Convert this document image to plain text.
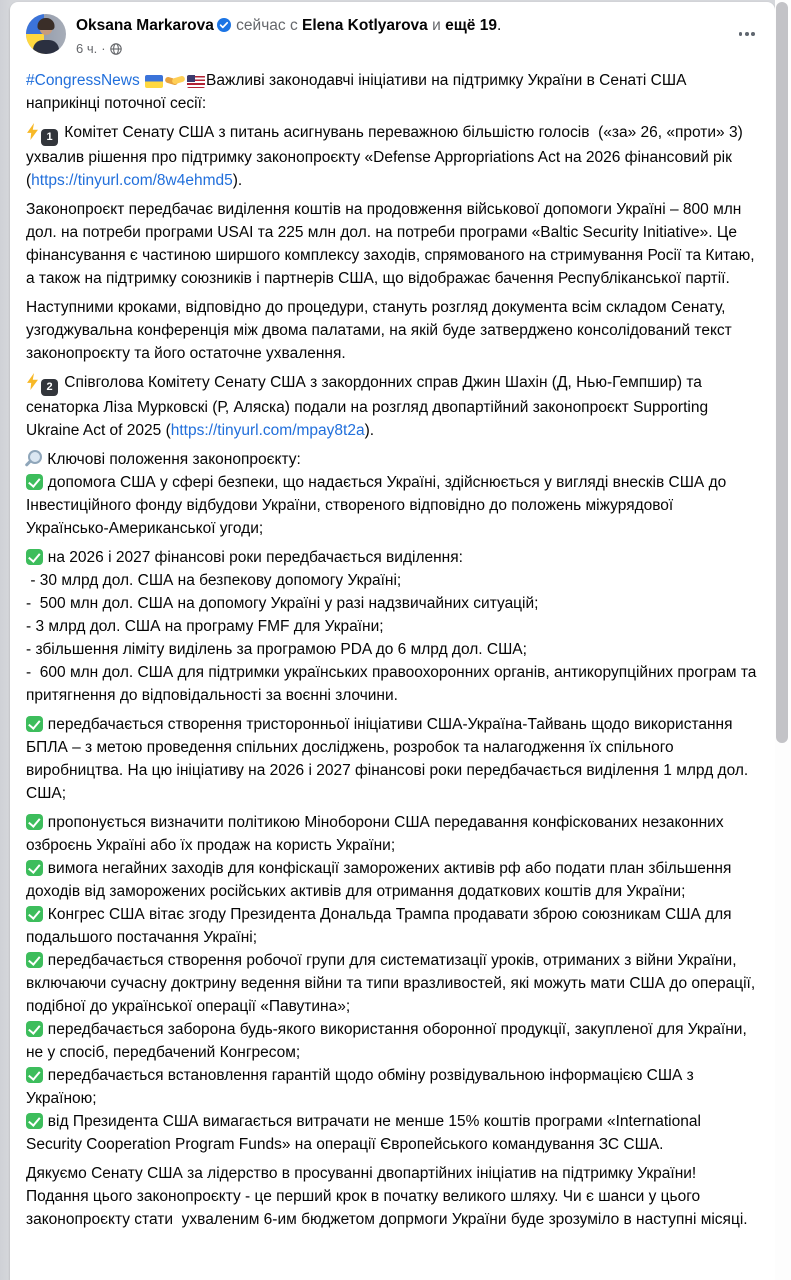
Oksana Markarova сейчас с Elena Kotlyarova и ещё 19.
6 ч. ·
#CongressNews	Важливі законодавчі ініціативи на підтримку України в Сенаті США наприкінці поточної сесії:
1 Комітет Сенату США з питань асигнувань переважною більшістю голосів  («за» 26, «проти» 3) ухвалив рішення про підтримку законопроєкту «Defense Appropriations Act на 2026 фінансовий рік (https://tinyurl.com/8w4ehmd5).
Законопроєкт передбачає виділення коштів на продовження військової допомоги Україні – 800 млн дол. на потреби програми USAI та 225 млн дол. на потреби програми «Baltic Security Initiative». Це фінансування є частиною ширшого комплексу заходів, спрямованого на стримування Росії та Китаю, а також на підтримку союзників і партнерів США, що відображає бачення Республіканської партії.
Наступними кроками, відповідно до процедури, стануть розгляд документа всім складом Сенату, узгоджувальна конференція між двома палатами, на якій буде затверджено консолідований текст законопроєкту та його остаточне ухвалення.
2 Співголова Комітету Сенату США з закордонних справ Джин Шахін (Д, Нью-Гемпшир) та сенаторка Ліза Мурковскі (Р, Аляска) подали на розгляд двопартійний законопроєкт Supporting Ukraine Act of 2025 (https://tinyurl.com/mpay8t2a).
Ключові положення законопроєкту:
допомога США у сфері безпеки, що надається Україні, здійснюється у вигляді внесків США до Інвестиційного фонду відбудови України, створеного відповідно до положень міжурядової Українсько-Американської угоди;
на 2026 і 2027 фінансові роки передбачається виділення:
- 30 млрд дол. США на безпекову допомогу Україні;
-  500 млн дол. США на допомогу Україні у разі надзвичайних ситуацій;
- 3 млрд дол. США на програму FMF для України;
- збільшення ліміту виділень за програмою PDA до 6 млрд дол. США;
-  600 млн дол. США для підтримки українських правоохоронних органів, антикорупційних програм та притягнення до відповідальності за воєнні злочини.
передбачається створення тристоронньої ініціативи США-Україна-Тайвань щодо використання БПЛА – з метою проведення спільних досліджень, розробок та налагодження їх спільного виробництва. На цю ініціативу на 2026 і 2027 фінансові роки передбачається виділення 1 млрд дол. США;
пропонується визначити політикою Міноборони США передавання конфіскованих незаконних озброєнь Україні або їх продаж на користь України;
вимога негайних заходів для конфіскації заморожених активів рф або подати план збільшення доходів від заморожених російських активів для отримання додаткових коштів для України;
Конгрес США вітає згоду Президента Дональда Трампа продавати зброю союзникам США для подальшого постачання Україні;
передбачається створення робочої групи для систематизації уроків, отриманих з війни України, включаючи сучасну доктрину ведення війни та типи вразливостей, які можуть мати США до операції, подібної до української операції «Павутина»;
передбачається заборона будь-якого використання оборонної продукції, закупленої для України, не у спосіб, передбачений Конгресом;
передбачається встановлення гарантій щодо обміну розвідувальною інформацією США з Україною;
від Президента США вимагається витрачати не менше 15% коштів програми «International Security Cooperation Program Funds» на операції Європейського командування ЗС США.
Дякуємо Сенату США за лідерство в просуванні двопартійних ініціатив на підтримку України! Подання цього законопроєкту - це перший крок в початку великого шляху. Чи є шанси у цього законопроєкту стати  ухваленим 6-им бюджетом допрмоги України буде зрозуміло в наступні місяці.
